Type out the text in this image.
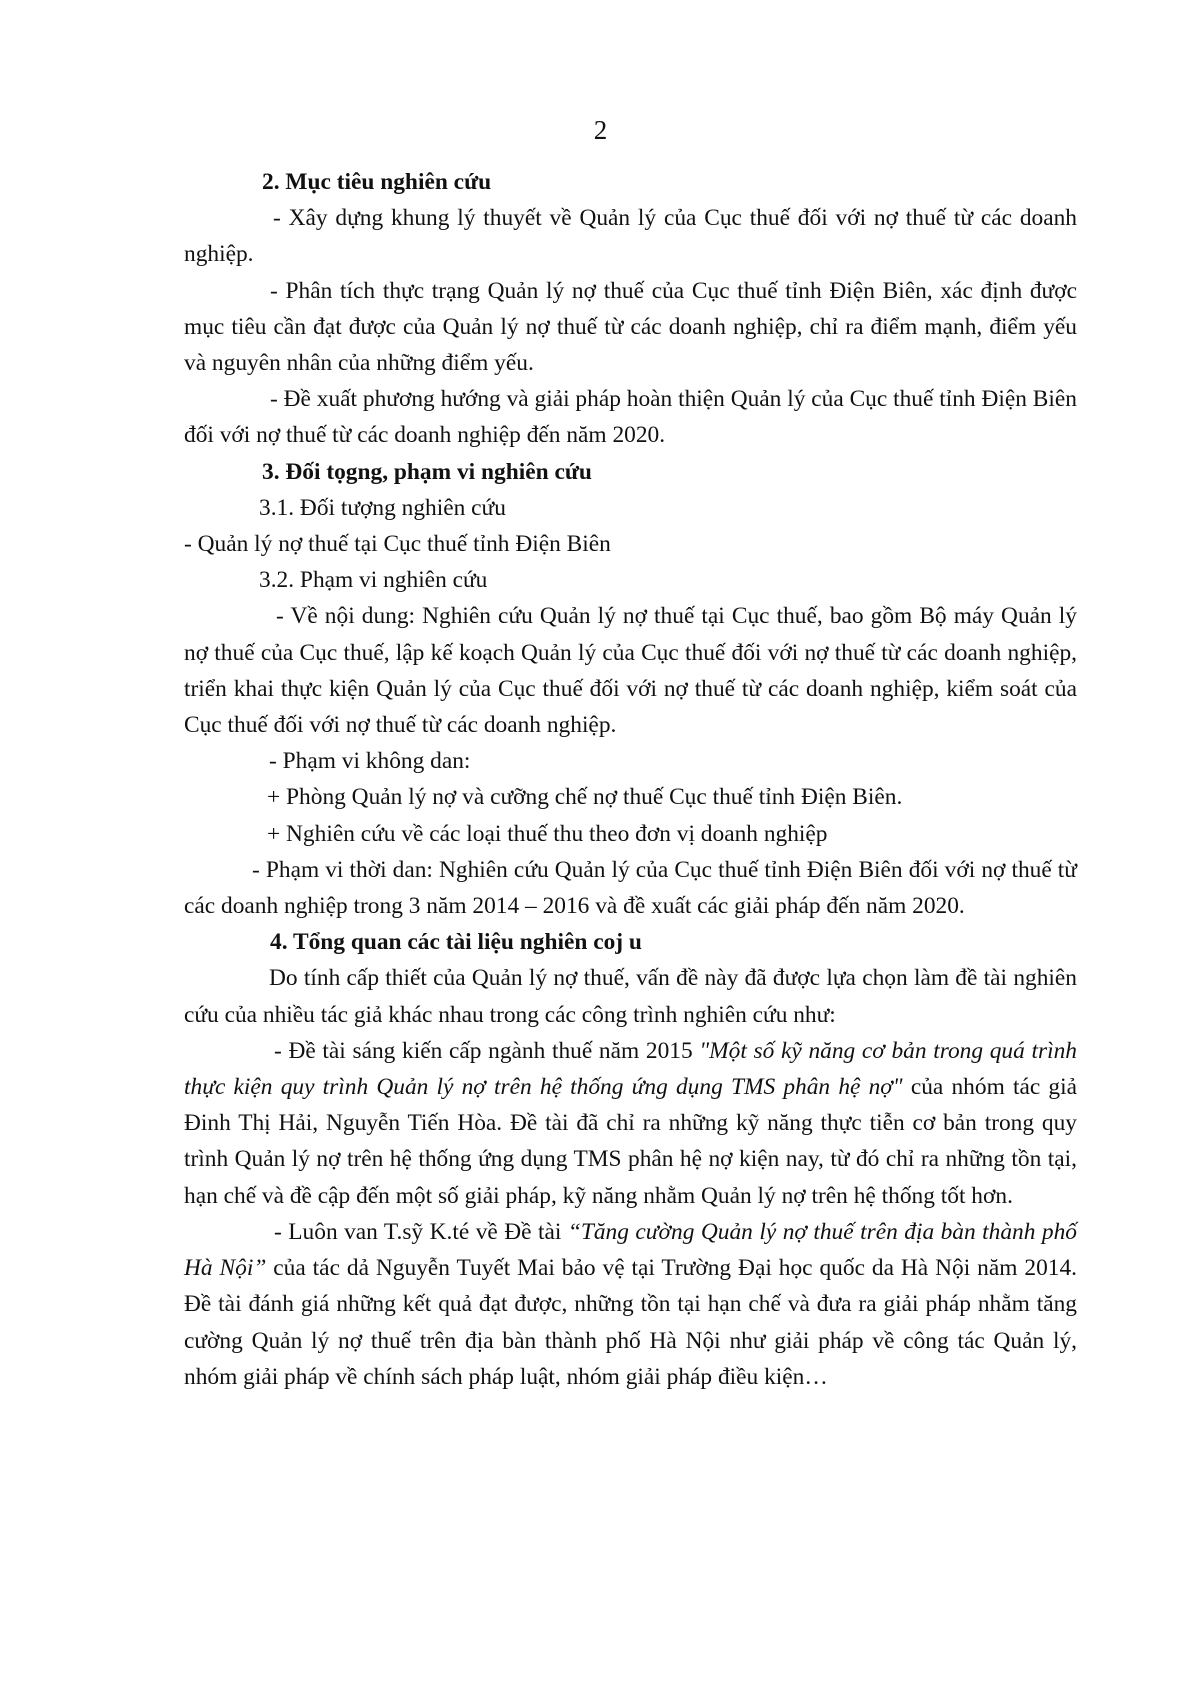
2

2. Mục tiêu nghiên cứu

- Xây dựng khung lý thuyết về Quản lý của Cục thuế đối với nợ thuế từ các doanh nghiệp.

- Phân tích thực trạng Quản lý nợ thuế của Cục thuế tỉnh Điện Biên, xác định được mục tiêu cần đạt được của Quản lý nợ thuế từ các doanh nghiệp, chỉ ra điểm mạnh, điểm yếu và nguyên nhân của những điểm yếu.

- Đề xuất phương hướng và giải pháp hoàn thiện Quản lý của Cục thuế tỉnh Điện Biên đối với nợ thuế từ các doanh nghiệp đến năm 2020.

3. Đối tọgng, phạm vi nghiên cứu

3.1. Đối tượng nghiên cứu

- Quản lý nợ thuế tại Cục thuế tỉnh Điện Biên

3.2. Phạm vi nghiên cứu

- Về nội dung: Nghiên cứu Quản lý nợ thuế tại Cục thuế, bao gồm Bộ máy Quản lý nợ thuế của Cục thuế, lập kế koạch Quản lý của Cục thuế đối với nợ thuế từ các doanh nghiệp, triển khai thực kiện Quản lý của Cục thuế đối với nợ thuế từ các doanh nghiệp, kiểm soát của Cục thuế đối với nợ thuế từ các doanh nghiệp.

- Phạm vi không dan:

+ Phòng Quản lý nợ và cưỡng chế nợ thuế Cục thuế tỉnh Điện Biên.

+ Nghiên cứu về các loại thuế thu theo đơn vị doanh nghiệp

- Phạm vi thời dan: Nghiên cứu Quản lý của Cục thuế tỉnh Điện Biên đối với nợ thuế từ các doanh nghiệp trong 3 năm 2014 – 2016 và đề xuất các giải pháp đến năm 2020.

4. Tổng quan các tài liệu nghiên coj u

Do tính cấp thiết của Quản lý nợ thuế, vấn đề này đã được lựa chọn làm đề tài nghiên cứu của nhiều tác giả khác nhau trong các công trình nghiên cứu như:

- Đề tài sáng kiến cấp ngành thuế năm 2015 "Một số kỹ năng cơ bản trong quá trình thực kiện quy trình Quản lý nợ trên hệ thống ứng dụng TMS phân hệ nợ" của nhóm tác giả Đinh Thị Hải, Nguyễn Tiến Hòa. Đề tài đã chỉ ra những kỹ năng thực tiễn cơ bản trong quy trình Quản lý nợ trên hệ thống ứng dụng TMS phân hệ nợ kiện nay, từ đó chỉ ra những tồn tại, hạn chế và đề cập đến một số giải pháp, kỹ năng nhằm Quản lý nợ trên hệ thống tốt hơn.

- Luôn van T.sỹ K.té về Đề tài “Tăng cường Quản lý nợ thuế trên địa bàn thành phố Hà Nội” của tác dả Nguyễn Tuyết Mai bảo vệ tại Trường Đại học quốc da Hà Nội năm 2014. Đề tài đánh giá những kết quả đạt được, những tồn tại hạn chế và đưa ra giải pháp nhằm tăng cường Quản lý nợ thuế trên địa bàn thành phố Hà Nội như giải pháp về công tác Quản lý, nhóm giải pháp về chính sách pháp luật, nhóm giải pháp điều kiện…
